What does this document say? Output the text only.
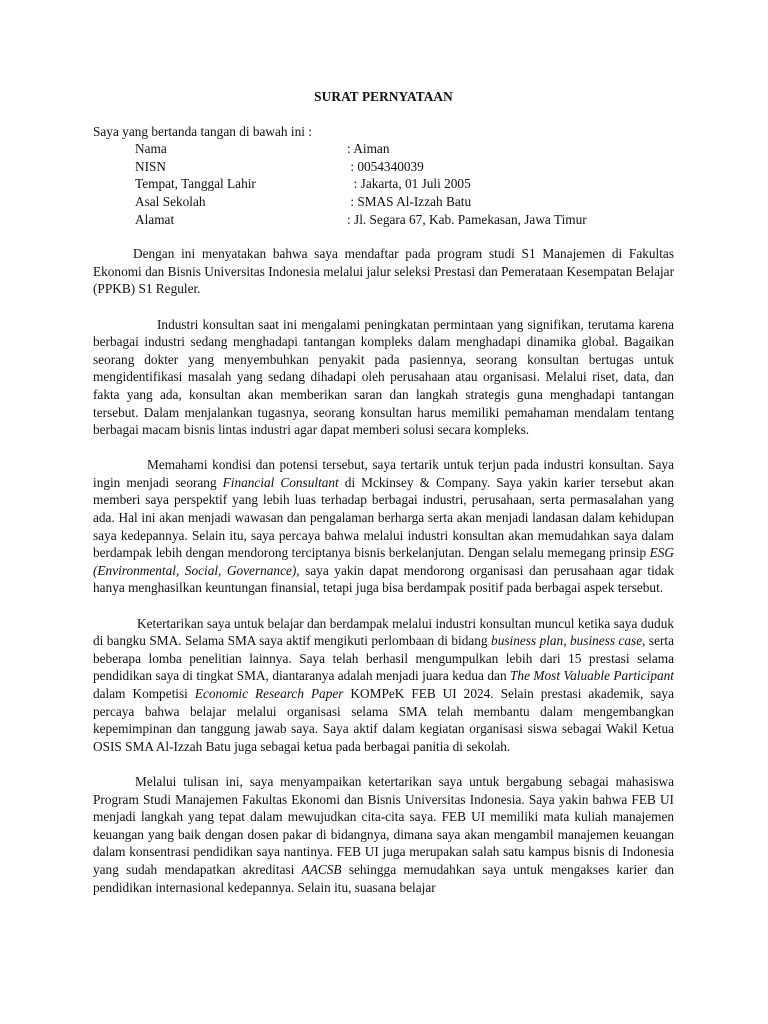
SURAT PERNYATAAN
Saya yang bertanda tangan di bawah ini :
Nama	: Aiman
NISN	: 0054340039
Tempat, Tanggal Lahir	: Jakarta, 01 Juli 2005
Asal Sekolah	: SMAS Al-Izzah Batu
Alamat	: Jl. Segara 67, Kab. Pamekasan, Jawa Timur

Dengan ini menyatakan bahwa saya mendaftar pada program studi S1 Manajemen di Fakultas Ekonomi dan Bisnis Universitas Indonesia melalui jalur seleksi Prestasi dan Pemerataan Kesempatan Belajar (PPKB) S1 Reguler.

Industri konsultan saat ini mengalami peningkatan permintaan yang signifikan, terutama karena berbagai industri sedang menghadapi tantangan kompleks dalam menghadapi dinamika global. Bagaikan seorang dokter yang menyembuhkan penyakit pada pasiennya, seorang konsultan bertugas untuk mengidentifikasi masalah yang sedang dihadapi oleh perusahaan atau organisasi. Melalui riset, data, dan fakta yang ada, konsultan akan memberikan saran dan langkah strategis guna menghadapi tantangan tersebut. Dalam menjalankan tugasnya, seorang konsultan harus memiliki pemahaman mendalam tentang berbagai macam bisnis lintas industri agar dapat memberi solusi secara kompleks.

Memahami kondisi dan potensi tersebut, saya tertarik untuk terjun pada industri konsultan. Saya ingin menjadi seorang Financial Consultant di Mckinsey & Company. Saya yakin karier tersebut akan memberi saya perspektif yang lebih luas terhadap berbagai industri, perusahaan, serta permasalahan yang ada. Hal ini akan menjadi wawasan dan pengalaman berharga serta akan menjadi landasan dalam kehidupan saya kedepannya. Selain itu, saya percaya bahwa melalui industri konsultan akan memudahkan saya dalam berdampak lebih dengan mendorong terciptanya bisnis berkelanjutan. Dengan selalu memegang prinsip ESG (Environmental, Social, Governance), saya yakin dapat mendorong organisasi dan perusahaan agar tidak hanya menghasilkan keuntungan finansial, tetapi juga bisa berdampak positif pada berbagai aspek tersebut.

Ketertarikan saya untuk belajar dan berdampak melalui industri konsultan muncul ketika saya duduk di bangku SMA. Selama SMA saya aktif mengikuti perlombaan di bidang business plan, business case, serta beberapa lomba penelitian lainnya. Saya telah berhasil mengumpulkan lebih dari 15 prestasi selama pendidikan saya di tingkat SMA, diantaranya adalah menjadi juara kedua dan The Most Valuable Participant dalam Kompetisi Economic Research Paper KOMPeK FEB UI 2024. Selain prestasi akademik, saya percaya bahwa belajar melalui organisasi selama SMA telah membantu dalam mengembangkan kepemimpinan dan tanggung jawab saya. Saya aktif dalam kegiatan organisasi siswa sebagai Wakil Ketua OSIS SMA Al-Izzah Batu juga sebagai ketua pada berbagai panitia di sekolah.

Melalui tulisan ini, saya menyampaikan ketertarikan saya untuk bergabung sebagai mahasiswa Program Studi Manajemen Fakultas Ekonomi dan Bisnis Universitas Indonesia. Saya yakin bahwa FEB UI menjadi langkah yang tepat dalam mewujudkan cita-cita saya. FEB UI memiliki mata kuliah manajemen keuangan yang baik dengan dosen pakar di bidangnya, dimana saya akan mengambil manajemen keuangan dalam konsentrasi pendidikan saya nantinya. FEB UI juga merupakan salah satu kampus bisnis di Indonesia yang sudah mendapatkan akreditasi AACSB sehingga memudahkan saya untuk mengakses karier dan pendidikan internasional kedepannya. Selain itu, suasana belajar
